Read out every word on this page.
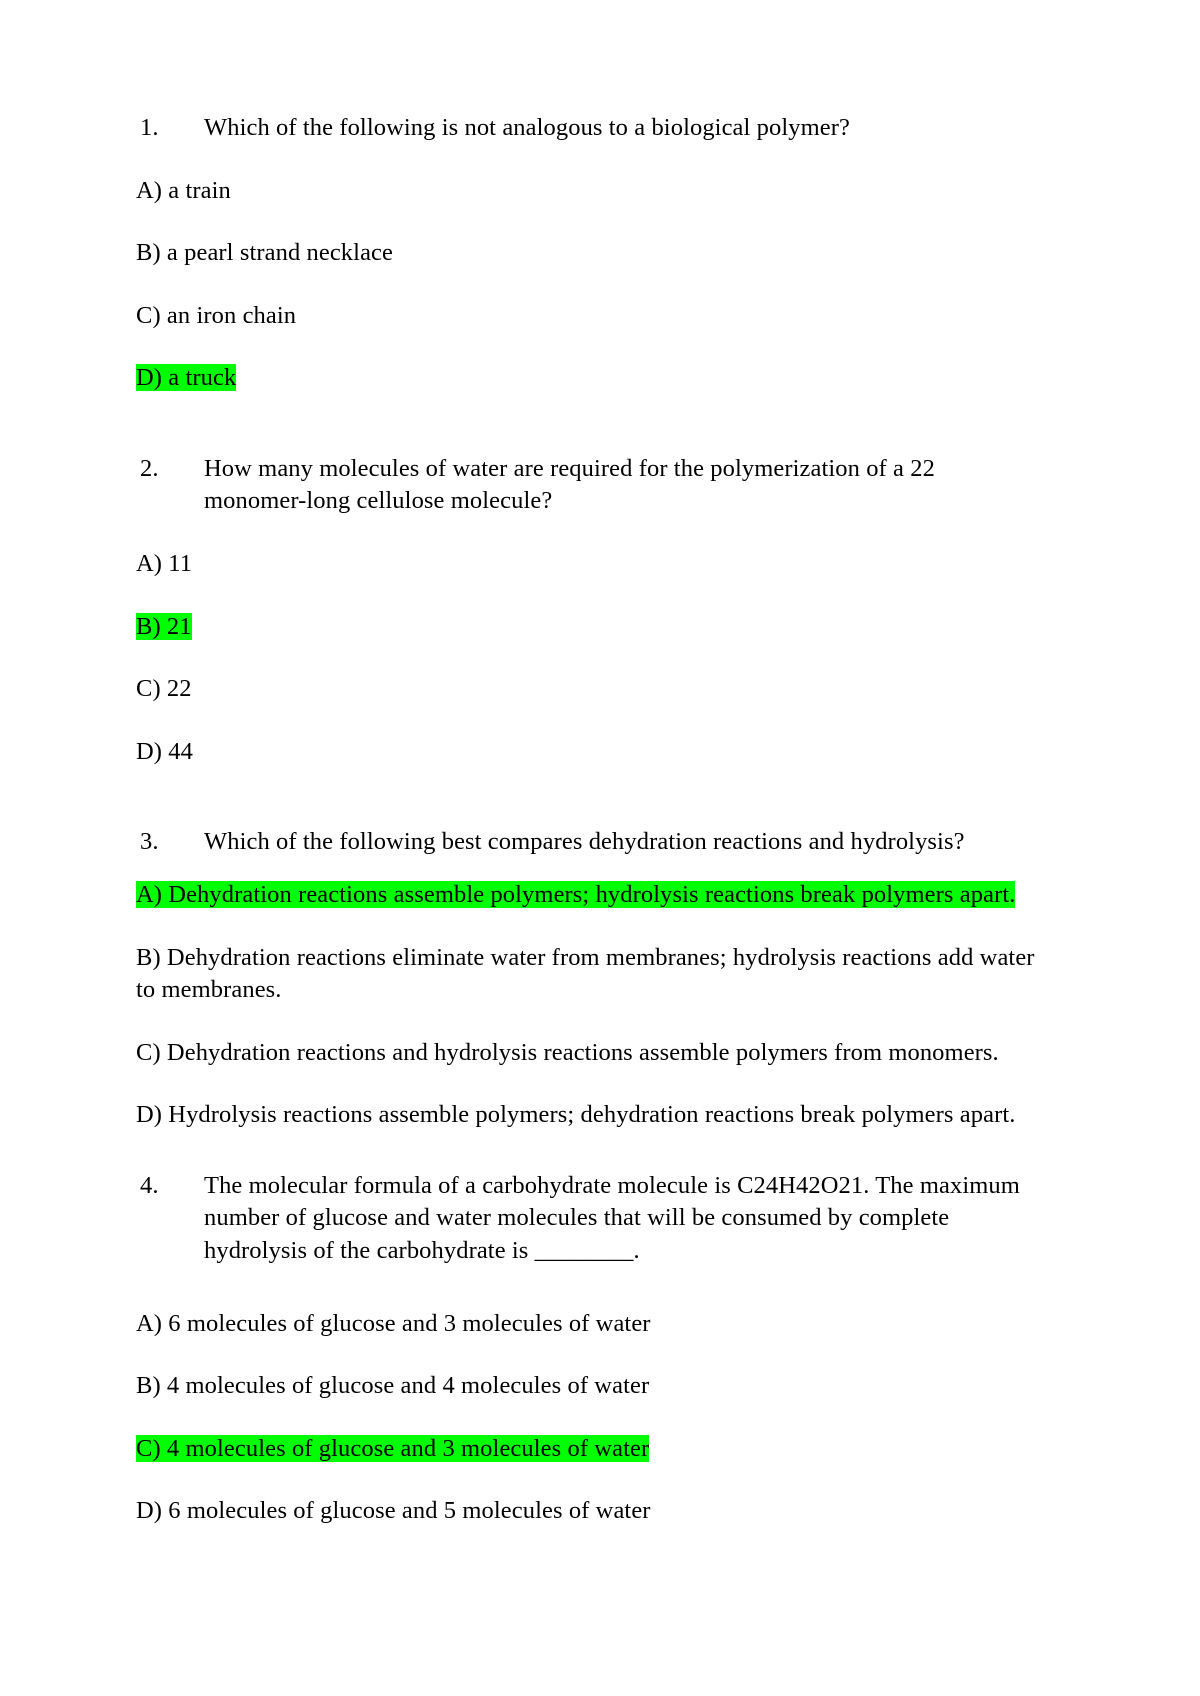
1.	Which of the following is not analogous to a biological polymer?

A) a train

B) a pearl strand necklace

C) an iron chain

D) a truck

2.	How many molecules of water are required for the polymerization of a 22 monomer-long cellulose molecule?

A) 11

B) 21

C) 22

D) 44

3.	Which of the following best compares dehydration reactions and hydrolysis?

A) Dehydration reactions assemble polymers; hydrolysis reactions break polymers apart.

B) Dehydration reactions eliminate water from membranes; hydrolysis reactions add water to membranes.

C) Dehydration reactions and hydrolysis reactions assemble polymers from monomers.

D) Hydrolysis reactions assemble polymers; dehydration reactions break polymers apart.

4.	The molecular formula of a carbohydrate molecule is C24H42O21. The maximum number of glucose and water molecules that will be consumed by complete hydrolysis of the carbohydrate is ________.

A) 6 molecules of glucose and 3 molecules of water

B) 4 molecules of glucose and 4 molecules of water

C) 4 molecules of glucose and 3 molecules of water

D) 6 molecules of glucose and 5 molecules of water
